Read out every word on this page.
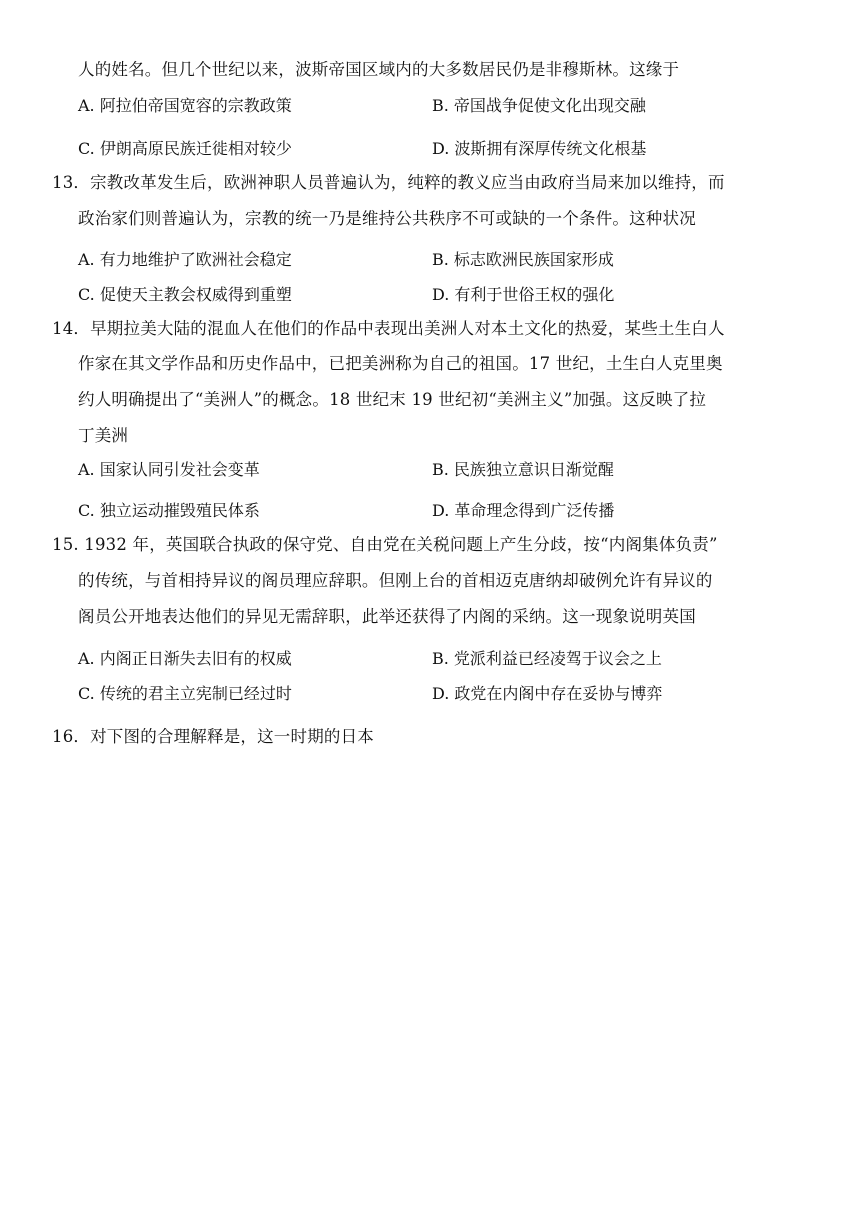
人的姓名。但几个世纪以来，波斯帝国区域内的大多数居民仍是非穆斯林。这缘于
A. 阿拉伯帝国宽容的宗教政策	B. 帝国战争促使文化出现交融
C. 伊朗高原民族迁徙相对较少	D. 波斯拥有深厚传统文化根基
13．宗教改革发生后，欧洲神职人员普遍认为，纯粹的教义应当由政府当局来加以维持，而
政治家们则普遍认为，宗教的统一乃是维持公共秩序不可或缺的一个条件。这种状况
A. 有力地维护了欧洲社会稳定	B. 标志欧洲民族国家形成
C. 促使天主教会权威得到重塑	D. 有利于世俗王权的强化
14．早期拉美大陆的混血人在他们的作品中表现出美洲人对本土文化的热爱，某些土生白人
作家在其文学作品和历史作品中，已把美洲称为自己的祖国。17 世纪，土生白人克里奥
约人明确提出了“美洲人”的概念。18 世纪末 19 世纪初“美洲主义”加强。这反映了拉
丁美洲
A. 国家认同引发社会变革	B. 民族独立意识日渐觉醒
C. 独立运动摧毁殖民体系	D. 革命理念得到广泛传播
15. 1932 年，英国联合执政的保守党、自由党在关税问题上产生分歧，按“内阁集体负责”
的传统，与首相持异议的阁员理应辞职。但刚上台的首相迈克唐纳却破例允许有异议的
阁员公开地表达他们的异见无需辞职，此举还获得了内阁的采纳。这一现象说明英国
A. 内阁正日渐失去旧有的权威	B. 党派利益已经凌驾于议会之上
C. 传统的君主立宪制已经过时	D. 政党在内阁中存在妥协与博弈
16．对下图的合理解释是，这一时期的日本
